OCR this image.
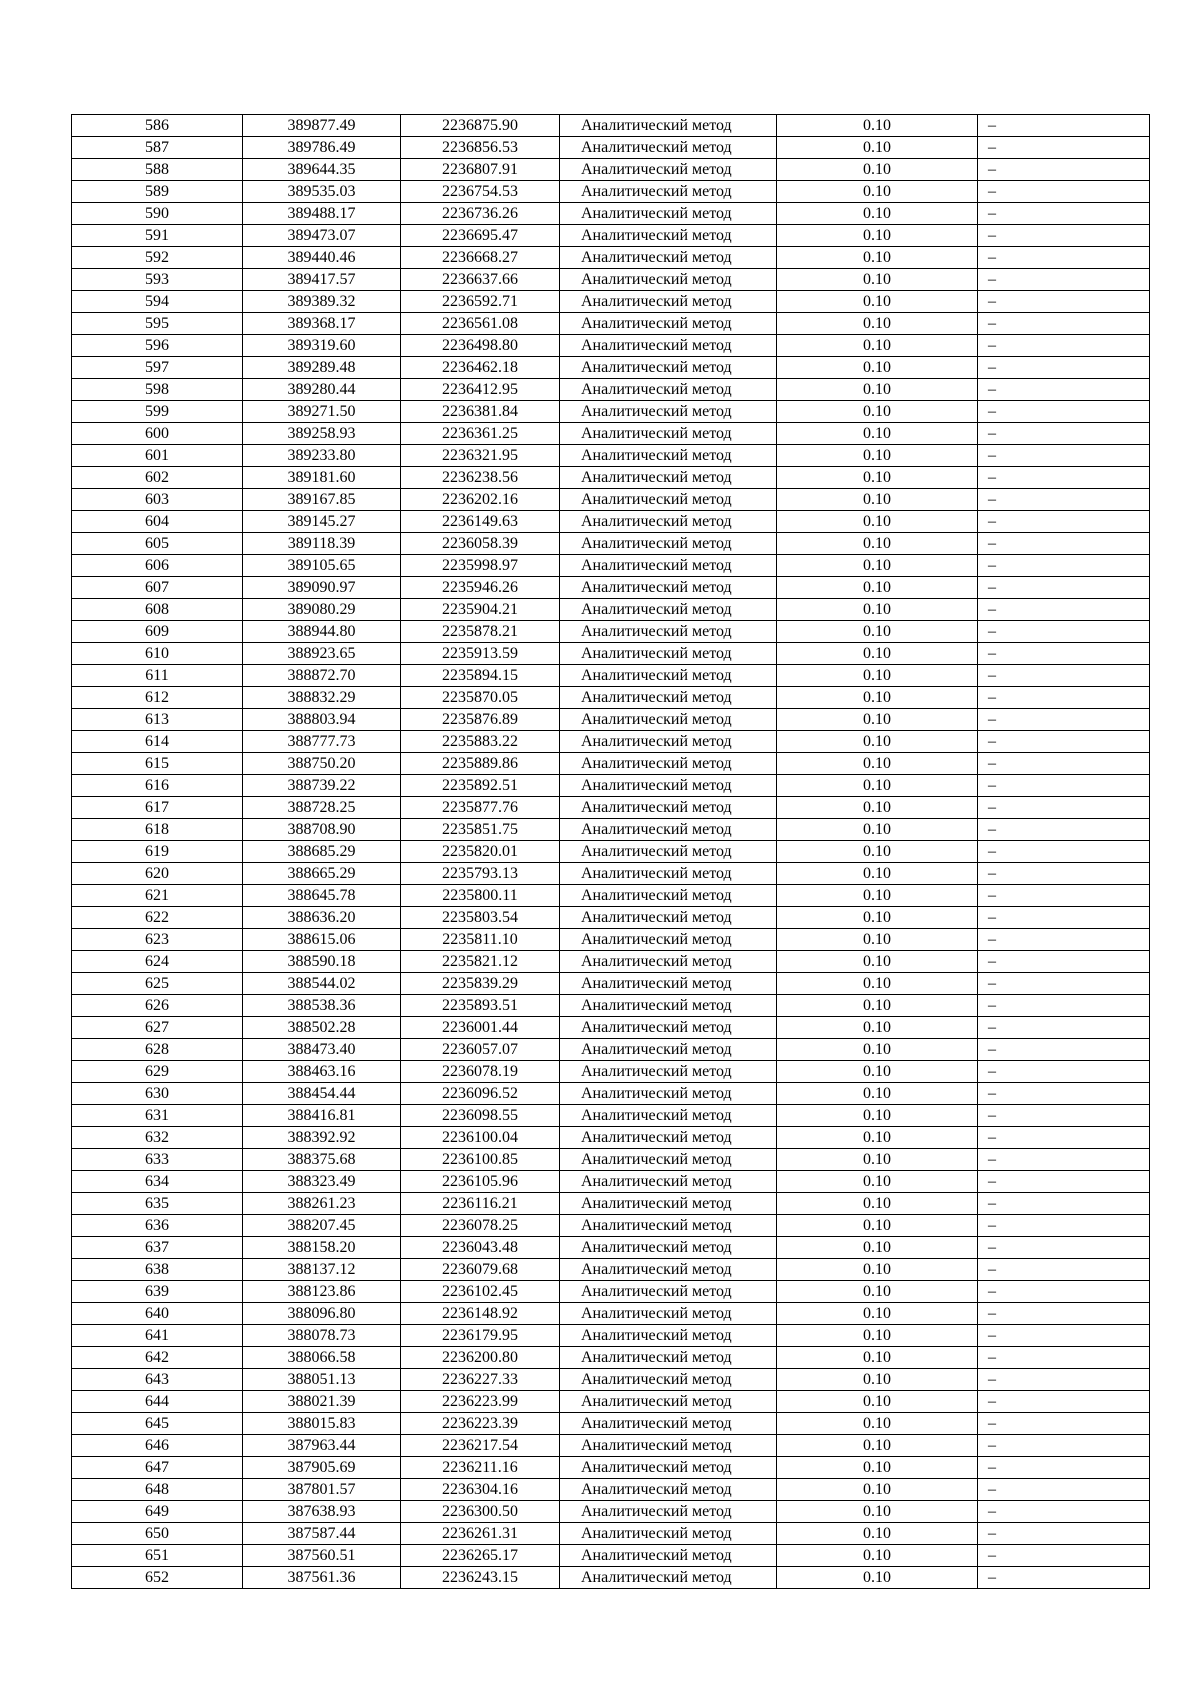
586	389877.49	2236875.90	Аналитический метод	0.10	–
587	389786.49	2236856.53	Аналитический метод	0.10	–
588	389644.35	2236807.91	Аналитический метод	0.10	–
589	389535.03	2236754.53	Аналитический метод	0.10	–
590	389488.17	2236736.26	Аналитический метод	0.10	–
591	389473.07	2236695.47	Аналитический метод	0.10	–
592	389440.46	2236668.27	Аналитический метод	0.10	–
593	389417.57	2236637.66	Аналитический метод	0.10	–
594	389389.32	2236592.71	Аналитический метод	0.10	–
595	389368.17	2236561.08	Аналитический метод	0.10	–
596	389319.60	2236498.80	Аналитический метод	0.10	–
597	389289.48	2236462.18	Аналитический метод	0.10	–
598	389280.44	2236412.95	Аналитический метод	0.10	–
599	389271.50	2236381.84	Аналитический метод	0.10	–
600	389258.93	2236361.25	Аналитический метод	0.10	–
601	389233.80	2236321.95	Аналитический метод	0.10	–
602	389181.60	2236238.56	Аналитический метод	0.10	–
603	389167.85	2236202.16	Аналитический метод	0.10	–
604	389145.27	2236149.63	Аналитический метод	0.10	–
605	389118.39	2236058.39	Аналитический метод	0.10	–
606	389105.65	2235998.97	Аналитический метод	0.10	–
607	389090.97	2235946.26	Аналитический метод	0.10	–
608	389080.29	2235904.21	Аналитический метод	0.10	–
609	388944.80	2235878.21	Аналитический метод	0.10	–
610	388923.65	2235913.59	Аналитический метод	0.10	–
611	388872.70	2235894.15	Аналитический метод	0.10	–
612	388832.29	2235870.05	Аналитический метод	0.10	–
613	388803.94	2235876.89	Аналитический метод	0.10	–
614	388777.73	2235883.22	Аналитический метод	0.10	–
615	388750.20	2235889.86	Аналитический метод	0.10	–
616	388739.22	2235892.51	Аналитический метод	0.10	–
617	388728.25	2235877.76	Аналитический метод	0.10	–
618	388708.90	2235851.75	Аналитический метод	0.10	–
619	388685.29	2235820.01	Аналитический метод	0.10	–
620	388665.29	2235793.13	Аналитический метод	0.10	–
621	388645.78	2235800.11	Аналитический метод	0.10	–
622	388636.20	2235803.54	Аналитический метод	0.10	–
623	388615.06	2235811.10	Аналитический метод	0.10	–
624	388590.18	2235821.12	Аналитический метод	0.10	–
625	388544.02	2235839.29	Аналитический метод	0.10	–
626	388538.36	2235893.51	Аналитический метод	0.10	–
627	388502.28	2236001.44	Аналитический метод	0.10	–
628	388473.40	2236057.07	Аналитический метод	0.10	–
629	388463.16	2236078.19	Аналитический метод	0.10	–
630	388454.44	2236096.52	Аналитический метод	0.10	–
631	388416.81	2236098.55	Аналитический метод	0.10	–
632	388392.92	2236100.04	Аналитический метод	0.10	–
633	388375.68	2236100.85	Аналитический метод	0.10	–
634	388323.49	2236105.96	Аналитический метод	0.10	–
635	388261.23	2236116.21	Аналитический метод	0.10	–
636	388207.45	2236078.25	Аналитический метод	0.10	–
637	388158.20	2236043.48	Аналитический метод	0.10	–
638	388137.12	2236079.68	Аналитический метод	0.10	–
639	388123.86	2236102.45	Аналитический метод	0.10	–
640	388096.80	2236148.92	Аналитический метод	0.10	–
641	388078.73	2236179.95	Аналитический метод	0.10	–
642	388066.58	2236200.80	Аналитический метод	0.10	–
643	388051.13	2236227.33	Аналитический метод	0.10	–
644	388021.39	2236223.99	Аналитический метод	0.10	–
645	388015.83	2236223.39	Аналитический метод	0.10	–
646	387963.44	2236217.54	Аналитический метод	0.10	–
647	387905.69	2236211.16	Аналитический метод	0.10	–
648	387801.57	2236304.16	Аналитический метод	0.10	–
649	387638.93	2236300.50	Аналитический метод	0.10	–
650	387587.44	2236261.31	Аналитический метод	0.10	–
651	387560.51	2236265.17	Аналитический метод	0.10	–
652	387561.36	2236243.15	Аналитический метод	0.10	–
